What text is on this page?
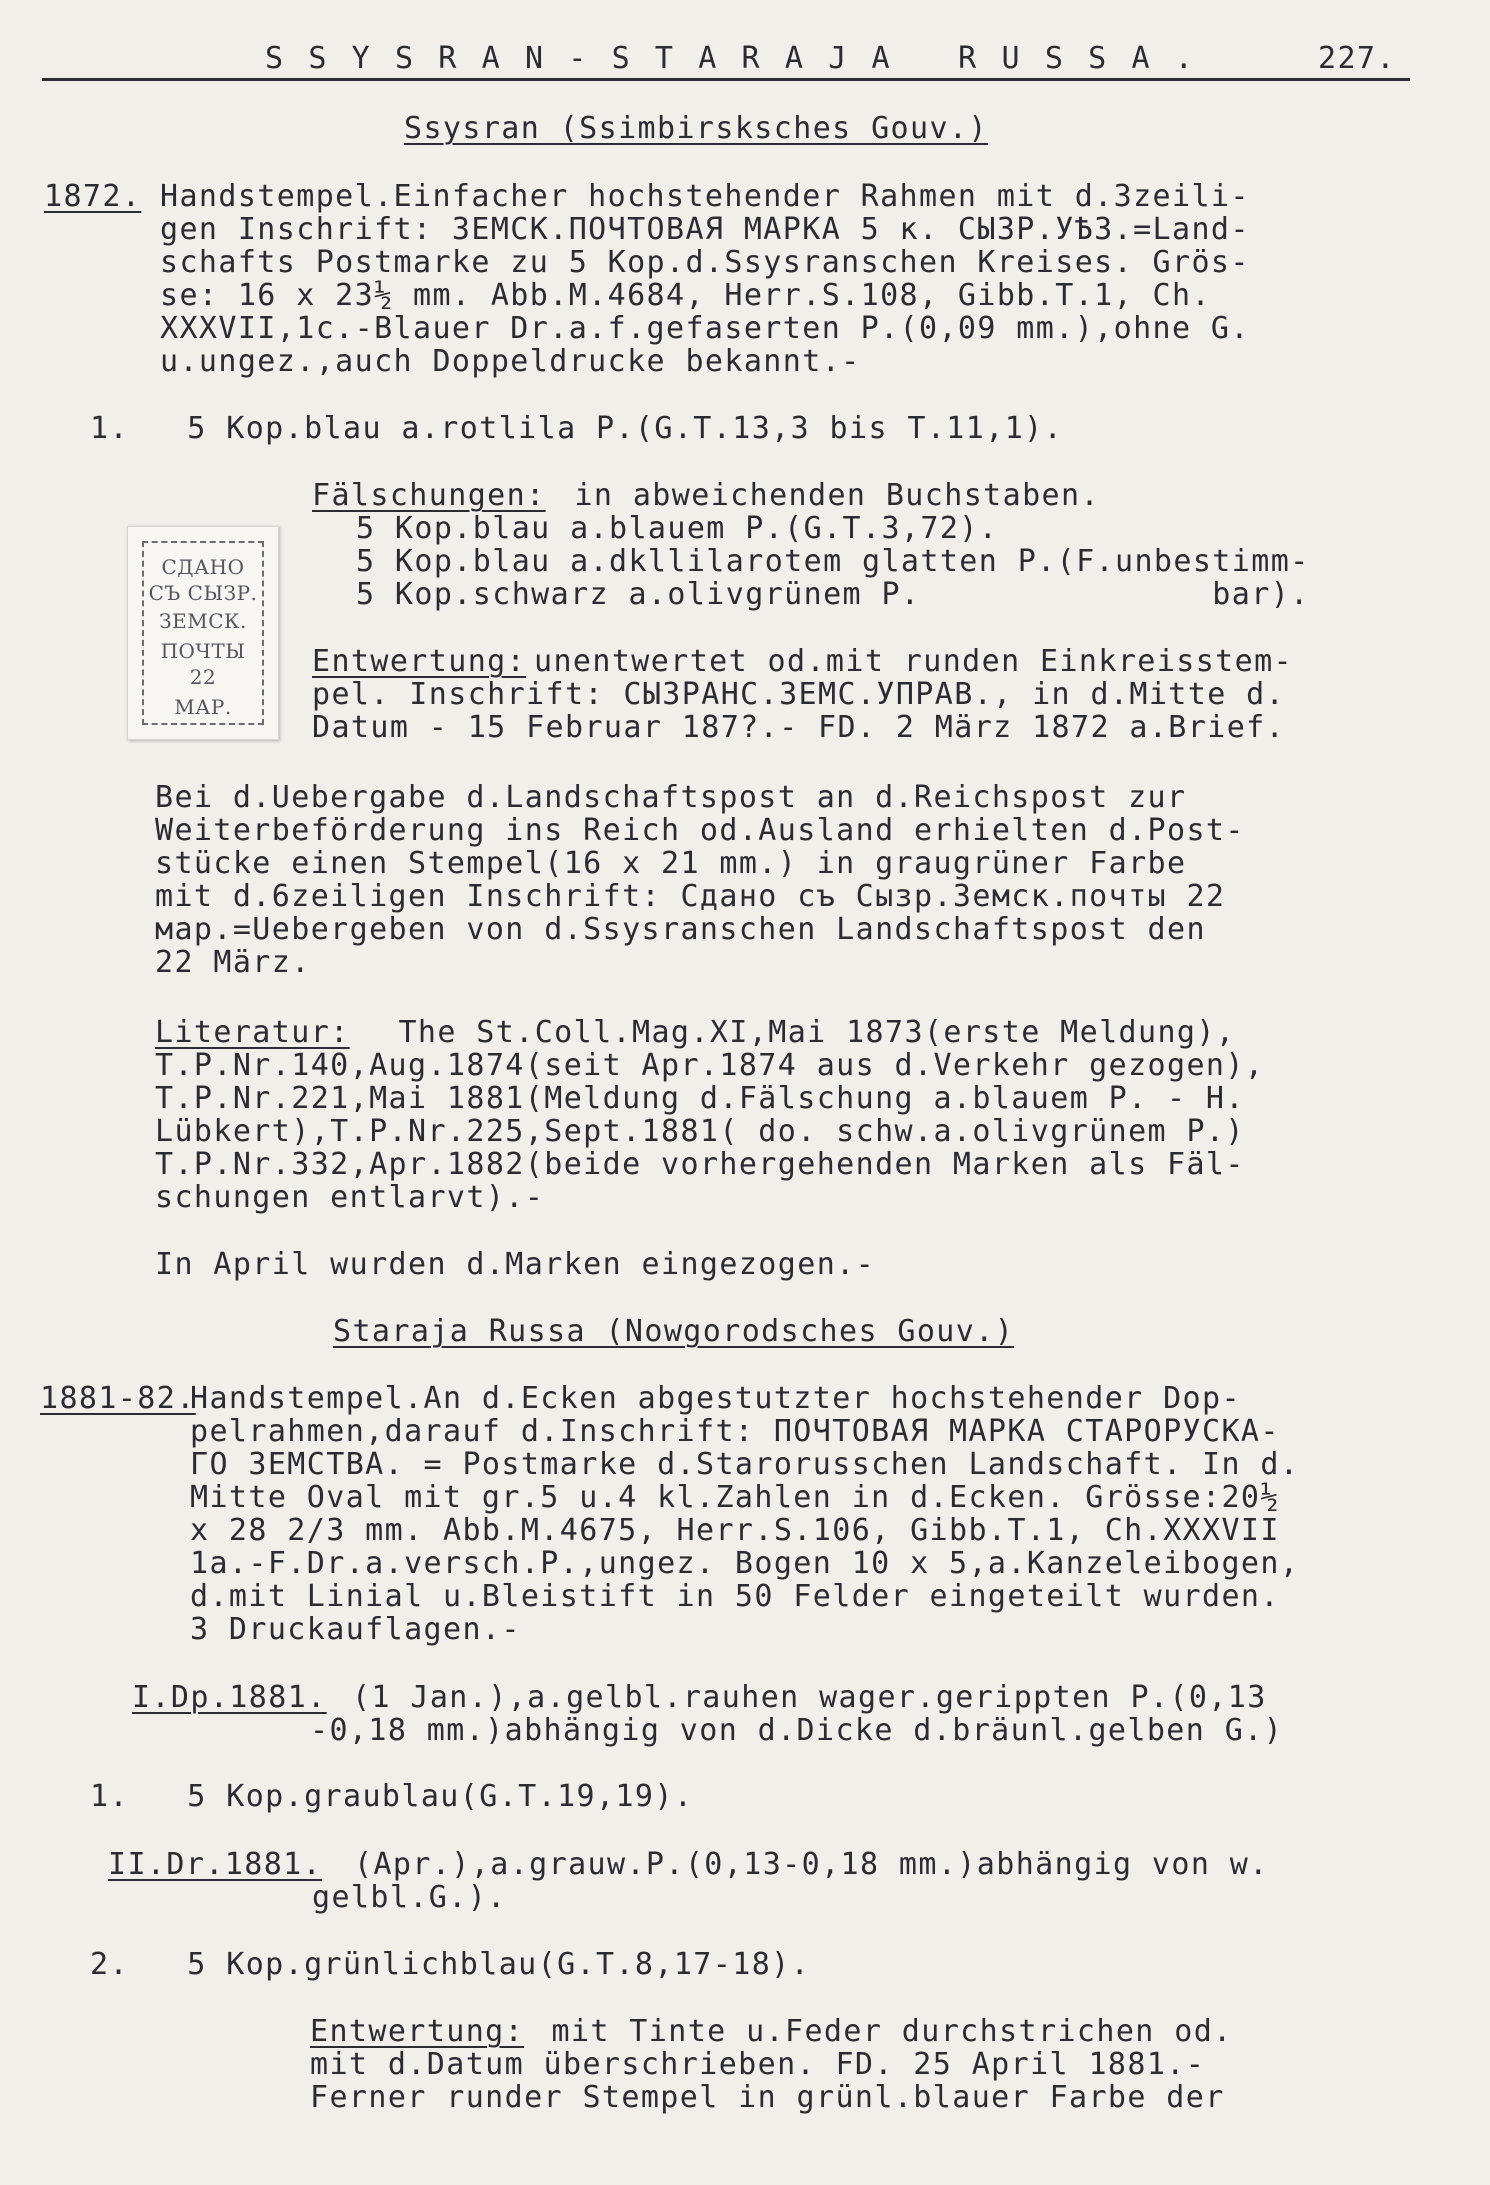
S S Y S R A N - S T A R A J A   R U S S A .	227.
Ssysran (Ssimbirsksches Gouv.)
1872. Handstempel.Einfacher hochstehender Rahmen mit d.3zeili-
gen Inschrift: ЗЕМСК.ПОЧТОВАЯ МАРКА 5 к. СЫЗР.УѢЗ.=Land-
schafts Postmarke zu 5 Kop.d.Ssysranschen Kreises. Grös-
se: 16 x 23½ mm. Abb.M.4684, Herr.S.108, Gibb.T.1, Ch.
XXXVII,1c.-Blauer Dr.a.f.gefaserten P.(0,09 mm.),ohne G.
u.ungez.,auch Doppeldrucke bekannt.-
1.   5 Kop.blau a.rotlila P.(G.T.13,3 bis T.11,1).
Fälschungen: in abweichenden Buchstaben.
5 Kop.blau a.blauem P.(G.T.3,72).
5 Kop.blau a.dkllilarotem glatten P.(F.unbestimm-
5 Kop.schwarz a.olivgrünem P.               bar).
СДАНО
СЪ СЫЗР.
ЗЕМСК.
ПОЧТЫ
22
МАР.
Entwertung: unentwertet od.mit runden Einkreisstem-
pel. Inschrift: СЫЗРАНС.ЗЕМС.УПРАВ., in d.Mitte d.
Datum - 15 Februar 187?.- FD. 2 März 1872 a.Brief.
Bei d.Uebergabe d.Landschaftspost an d.Reichspost zur
Weiterbeförderung ins Reich od.Ausland erhielten d.Post-
stücke einen Stempel(16 x 21 mm.) in graugrüner Farbe
mit d.6zeiligen Inschrift: Сдано съ Сызр.Земск.почты 22
мар.=Uebergeben von d.Ssysranschen Landschaftspost den
22 März.
Literatur: The St.Coll.Mag.XI,Mai 1873(erste Meldung),
T.P.Nr.140,Aug.1874(seit Apr.1874 aus d.Verkehr gezogen),
T.P.Nr.221,Mai 1881(Meldung d.Fälschung a.blauem P. - H.
Lübkert),T.P.Nr.225,Sept.1881( do. schw.a.olivgrünem P.)
T.P.Nr.332,Apr.1882(beide vorhergehenden Marken als Fäl-
schungen entlarvt).-
In April wurden d.Marken eingezogen.-
Staraja Russa (Nowgorodsches Gouv.)
1881-82.
Handstempel.An d.Ecken abgestutzter hochstehender Dop-
pelrahmen,darauf d.Inschrift: ПОЧТОВАЯ МАРКА СТАРОРУСКА-
ГО ЗЕМСТВА. = Postmarke d.Starorusschen Landschaft. In d.
Mitte Oval mit gr.5 u.4 kl.Zahlen in d.Ecken. Grösse:20½
x 28 2/3 mm. Abb.M.4675, Herr.S.106, Gibb.T.1, Ch.XXXVII
1a.-F.Dr.a.versch.P.,ungez. Bogen 10 x 5,a.Kanzeleibogen,
d.mit Linial u.Bleistift in 50 Felder eingeteilt wurden.
3 Druckauflagen.-
I.Dp.1881. (1 Jan.),a.gelbl.rauhen wager.gerippten P.(0,13
-0,18 mm.)abhängig von d.Dicke d.bräunl.gelben G.)
1.   5 Kop.graublau(G.T.19,19).
II.Dr.1881. (Apr.),a.grauw.P.(0,13-0,18 mm.)abhängig von w.
gelbl.G.).
2.   5 Kop.grünlichblau(G.T.8,17-18).
Entwertung: mit Tinte u.Feder durchstrichen od.
mit d.Datum überschrieben. FD. 25 April 1881.-
Ferner runder Stempel in grünl.blauer Farbe der
